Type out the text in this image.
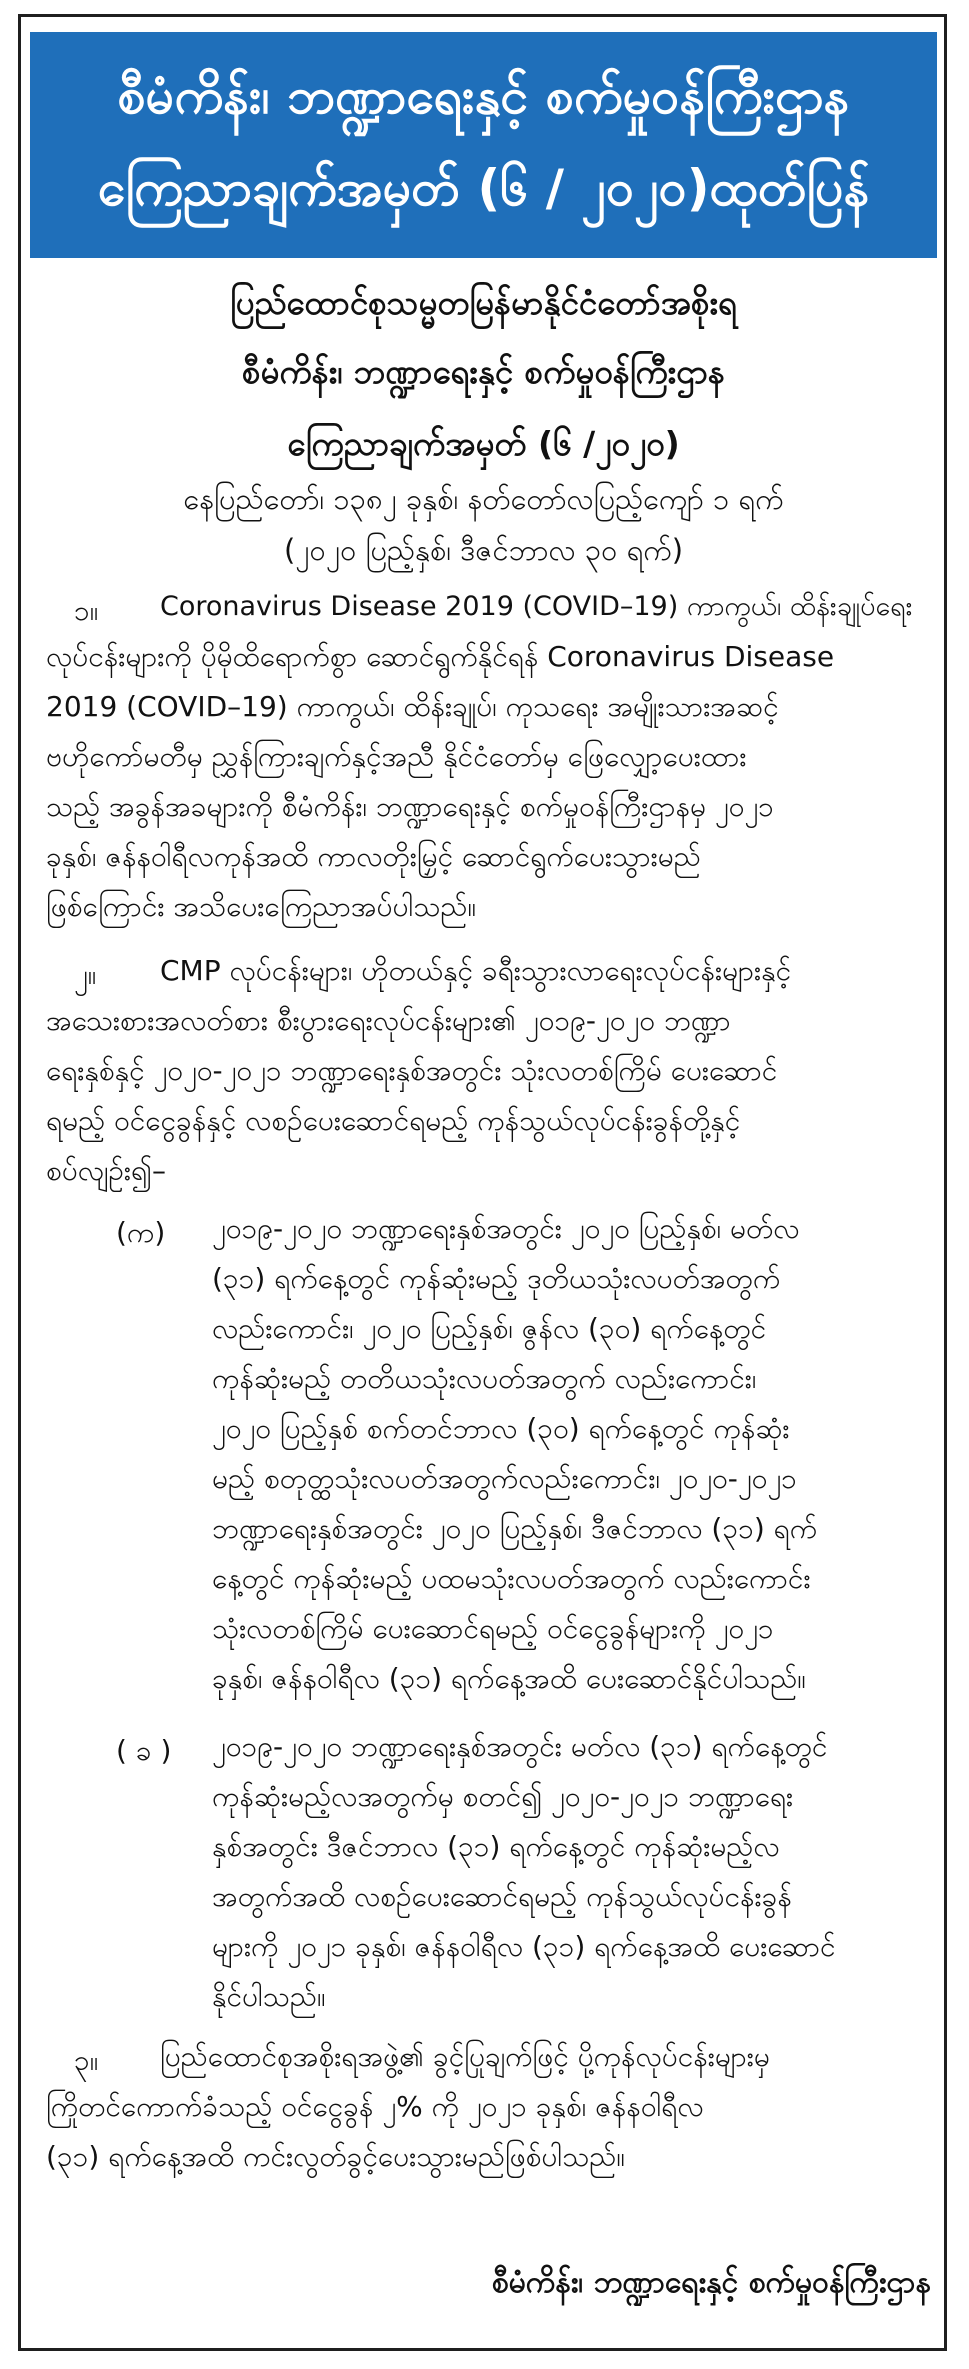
စီမံကိန်း၊ ဘဏ္ဍာရေးနှင့် စက်မှုဝန်ကြီးဌာန
ကြေညာချက်အမှတ် (၆ / ၂၀၂၀)ထုတ်ပြန်
ပြည်ထောင်စုသမ္မတမြန်မာနိုင်ငံတော်အစိုးရ
စီမံကိန်း၊ ဘဏ္ဍာရေးနှင့် စက်မှုဝန်ကြီးဌာန
ကြေညာချက်အမှတ် (၆ /၂၀၂၀)
နေပြည်တော်၊ ၁၃၈၂ ခုနှစ်၊ နတ်တော်လပြည့်ကျော် ၁ ရက်
(၂၀၂၀ ပြည့်နှစ်၊ ဒီဇင်ဘာလ ၃၀ ရက်)
၁။ Coronavirus Disease 2019 (COVID–19) ကာကွယ်၊ ထိန်းချုပ်ရေး
လုပ်ငန်းများကို ပိုမိုထိရောက်စွာ ဆောင်ရွက်နိုင်ရန် Coronavirus Disease
2019 (COVID–19) ကာကွယ်၊ ထိန်းချုပ်၊ ကုသရေး အမျိုးသားအဆင့်
ဗဟိုကော်မတီမှ ညွှန်ကြားချက်နှင့်အညီ နိုင်ငံတော်မှ ဖြေလျှော့ပေးထား
သည့် အခွန်အခများကို စီမံကိန်း၊ ဘဏ္ဍာရေးနှင့် စက်မှုဝန်ကြီးဌာနမှ ၂၀၂၁
ခုနှစ်၊ ဇန်နဝါရီလကုန်အထိ ကာလတိုးမြှင့် ဆောင်ရွက်ပေးသွားမည်
ဖြစ်ကြောင်း အသိပေးကြေညာအပ်ပါသည်။
၂။ CMP လုပ်ငန်းများ၊ ဟိုတယ်နှင့် ခရီးသွားလာရေးလုပ်ငန်းများနှင့်
အသေးစားအလတ်စား စီးပွားရေးလုပ်ငန်းများ၏ ၂၀၁၉-၂၀၂၀ ဘဏ္ဍာ
ရေးနှစ်နှင့် ၂၀၂၀-၂၀၂၁ ဘဏ္ဍာရေးနှစ်အတွင်း သုံးလတစ်ကြိမ် ပေးဆောင်
ရမည့် ဝင်ငွေခွန်နှင့် လစဉ်ပေးဆောင်ရမည့် ကုန်သွယ်လုပ်ငန်းခွန်တို့နှင့်
စပ်လျဉ်း၍–
(က) ၂၀၁၉-၂၀၂၀ ဘဏ္ဍာရေးနှစ်အတွင်း ၂၀၂၀ ပြည့်နှစ်၊ မတ်လ
(၃၁) ရက်နေ့တွင် ကုန်ဆုံးမည့် ဒုတိယသုံးလပတ်အတွက်
လည်းကောင်း၊ ၂၀၂၀ ပြည့်နှစ်၊ ဇွန်လ (၃၀) ရက်နေ့တွင်
ကုန်ဆုံးမည့် တတိယသုံးလပတ်အတွက် လည်းကောင်း၊
၂၀၂၀ ပြည့်နှစ် စက်တင်ဘာလ (၃၀) ရက်နေ့တွင် ကုန်ဆုံး
မည့် စတုတ္ထသုံးလပတ်အတွက်လည်းကောင်း၊ ၂၀၂၀-၂၀၂၁
ဘဏ္ဍာရေးနှစ်အတွင်း ၂၀၂၀ ပြည့်နှစ်၊ ဒီဇင်ဘာလ (၃၁) ရက်
နေ့တွင် ကုန်ဆုံးမည့် ပထမသုံးလပတ်အတွက် လည်းကောင်း
သုံးလတစ်ကြိမ် ပေးဆောင်ရမည့် ဝင်ငွေခွန်များကို ၂၀၂၁
ခုနှစ်၊ ဇန်နဝါရီလ (၃၁) ရက်နေ့အထိ ပေးဆောင်နိုင်ပါသည်။
( ခ ) ၂၀၁၉-၂၀၂၀ ဘဏ္ဍာရေးနှစ်အတွင်း မတ်လ (၃၁) ရက်နေ့တွင်
ကုန်ဆုံးမည့်လအတွက်မှ စတင်၍ ၂၀၂၀-၂၀၂၁ ဘဏ္ဍာရေး
နှစ်အတွင်း ဒီဇင်ဘာလ (၃၁) ရက်နေ့တွင် ကုန်ဆုံးမည့်လ
အတွက်အထိ လစဉ်ပေးဆောင်ရမည့် ကုန်သွယ်လုပ်ငန်းခွန်
များကို ၂၀၂၁ ခုနှစ်၊ ဇန်နဝါရီလ (၃၁) ရက်နေ့အထိ ပေးဆောင်
နိုင်ပါသည်။
၃။ ပြည်ထောင်စုအစိုးရအဖွဲ့၏ ခွင့်ပြုချက်ဖြင့် ပို့ကုန်လုပ်ငန်းများမှ
ကြိုတင်ကောက်ခံသည့် ဝင်ငွေခွန် ၂% ကို ၂၀၂၁ ခုနှစ်၊ ဇန်နဝါရီလ
(၃၁) ရက်နေ့အထိ ကင်းလွတ်ခွင့်ပေးသွားမည်ဖြစ်ပါသည်။
စီမံကိန်း၊ ဘဏ္ဍာရေးနှင့် စက်မှုဝန်ကြီးဌာန
